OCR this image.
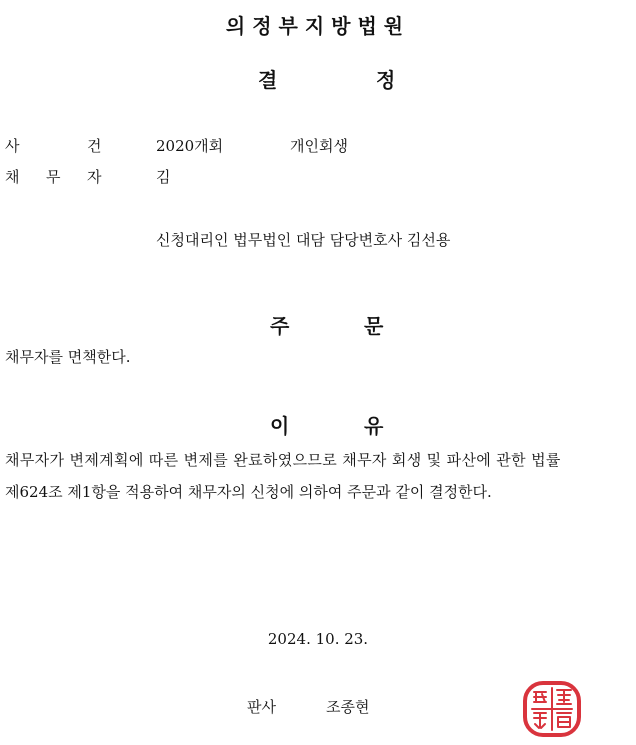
의정부지방법원
결	정
사	건	2020개회	개인회생
채 무 자	김
신청대리인 법무법인 대담 담당변호사 김선용
주	문
채무자를 면책한다.
이	유
채무자가 변제계획에 따른 변제를 완료하였으므로 채무자 회생 및 파산에 관한 법률
제624조 제1항을 적용하여 채무자의 신청에 의하여 주문과 같이 결정한다.
2024. 10. 23.
판사	조종현
